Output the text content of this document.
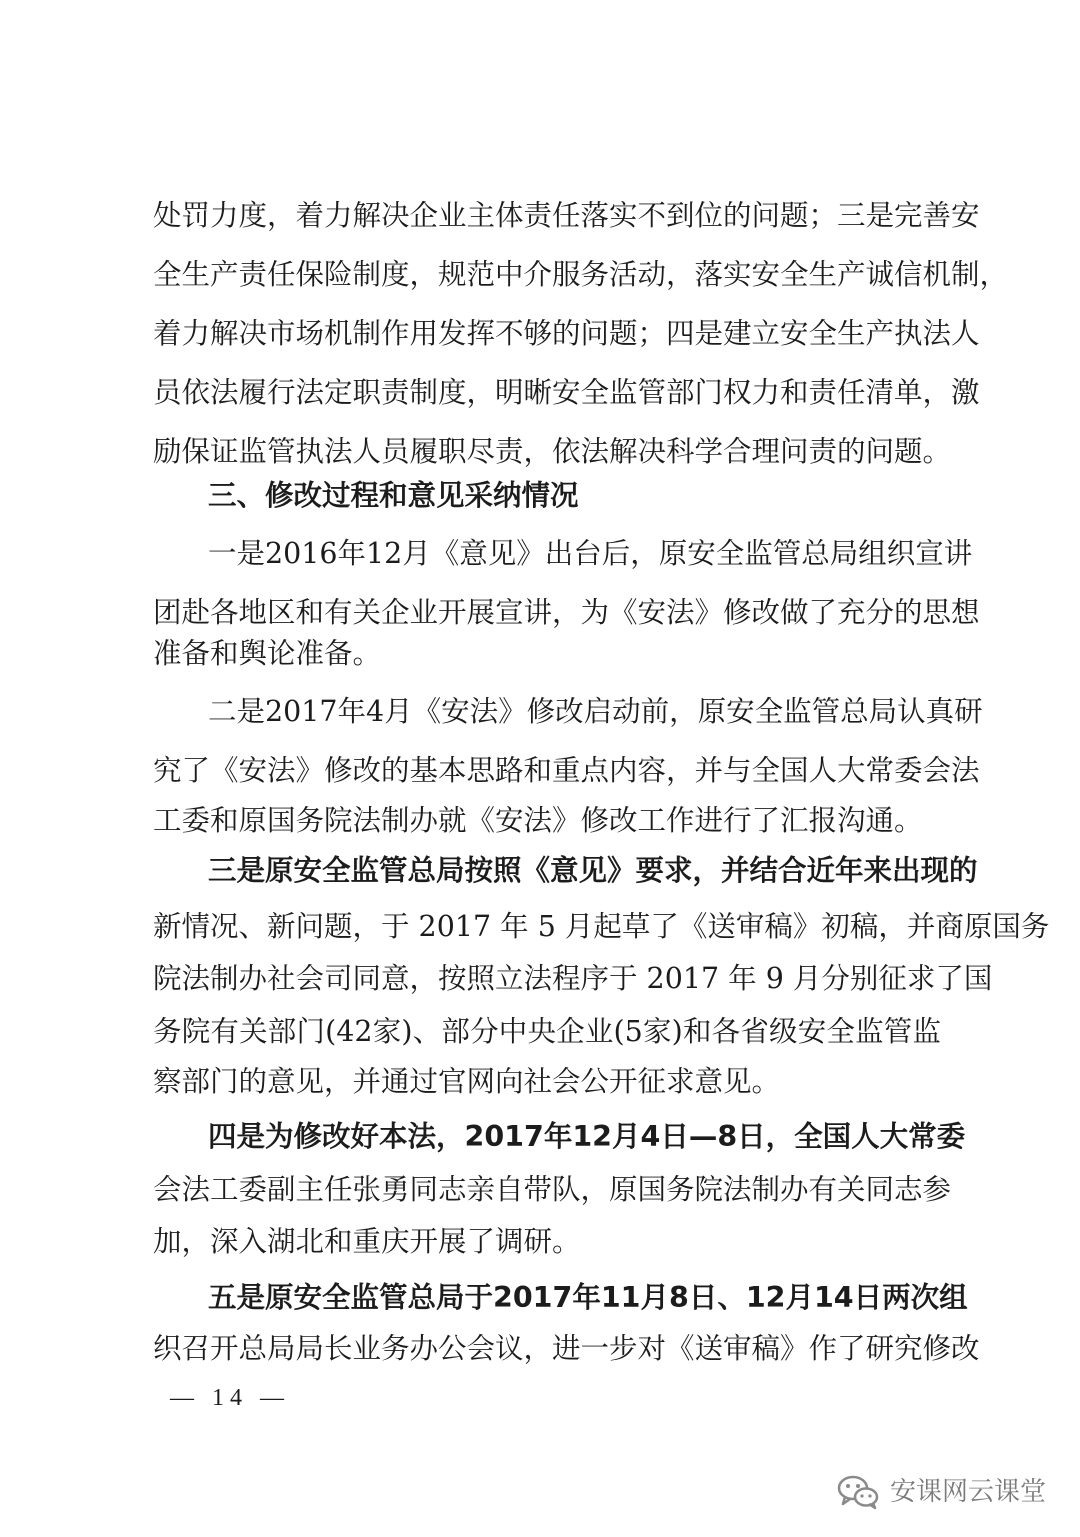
处罚力度，着力解决企业主体责任落实不到位的问题；三是完善安
全生产责任保险制度，规范中介服务活动，落实安全生产诚信机制，
着力解决市场机制作用发挥不够的问题；四是建立安全生产执法人
员依法履行法定职责制度，明晰安全监管部门权力和责任清单，激
励保证监管执法人员履职尽责，依法解决科学合理问责的问题。
三、修改过程和意见采纳情况
一是2016年12月《意见》出台后，原安全监管总局组织宣讲
团赴各地区和有关企业开展宣讲，为《安法》修改做了充分的思想
准备和舆论准备。
二是2017年4月《安法》修改启动前，原安全监管总局认真研
究了《安法》修改的基本思路和重点内容，并与全国人大常委会法
工委和原国务院法制办就《安法》修改工作进行了汇报沟通。
三是原安全监管总局按照《意见》要求，并结合近年来出现的
新情况、新问题，于 2017 年 5 月起草了《送审稿》初稿，并商原国务
院法制办社会司同意，按照立法程序于 2017 年 9 月分别征求了国
务院有关部门(42家)、部分中央企业(5家)和各省级安全监管监
察部门的意见，并通过官网向社会公开征求意见。
四是为修改好本法，2017年12月4日—8日，全国人大常委
会法工委副主任张勇同志亲自带队，原国务院法制办有关同志参
加，深入湖北和重庆开展了调研。
五是原安全监管总局于2017年11月8日、12月14日两次组
织召开总局局长业务办公会议，进一步对《送审稿》作了研究修改
— 14 —
安课网云课堂
